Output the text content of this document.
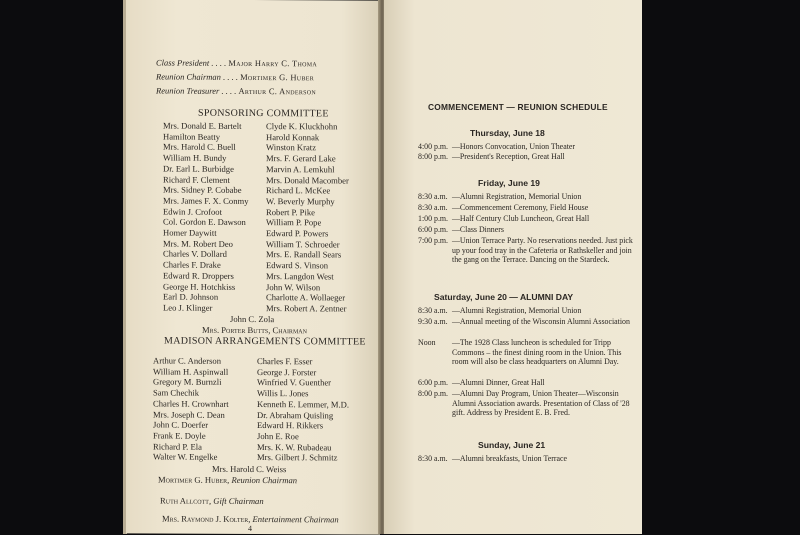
Class President . . . . Major Harry C. Thoma
Reunion Chairman . . . . Mortimer G. Huber
Reunion Treasurer . . . . Arthur C. Anderson
SPONSORING COMMITTEE
Mrs. Donald E. Bartelt
Hamilton Beatty
Mrs. Harold C. Buell
William H. Bundy
Dr. Earl L. Burbidge
Richard F. Clement
Mrs. Sidney P. Cobabe
Mrs. James F. X. Conmy
Edwin J. Crofoot
Col. Gordon E. Dawson
Homer Daywitt
Mrs. M. Robert Deo
Charles V. Dollard
Charles F. Drake
Edward R. Droppers
George H. Hotchkiss
Earl D. Johnson
Leo J. Klinger
Clyde K. Kluckhohn
Harold Konnak
Winston Kratz
Mrs. F. Gerard Lake
Marvin A. Lemkuhl
Mrs. Donald Macomber
Richard L. McKee
W. Beverly Murphy
Robert P. Pike
William P. Pope
Edward P. Powers
William T. Schroeder
Mrs. E. Randall Sears
Edward S. Vinson
Mrs. Langdon West
John W. Wilson
Charlotte A. Wollaeger
Mrs. Robert A. Zentner
John C. Zola
Mrs. Porter Butts, Chairman
MADISON ARRANGEMENTS COMMITTEE
Arthur C. Anderson
William H. Aspinwall
Gregory M. Burnzli
Sam Chechik
Charles H. Crownhart
Mrs. Joseph C. Dean
John C. Doerfer
Frank E. Doyle
Richard P. Ela
Walter W. Engelke
Charles F. Esser
George J. Forster
Winfried V. Guenther
Willis L. Jones
Kenneth E. Lemmer, M.D.
Dr. Abraham Quisling
Edward H. Rikkers
John E. Roe
Mrs. K. W. Rubadeau
Mrs. Gilbert J. Schmitz
Mrs. Harold C. Weiss
Mortimer G. Huber, Reunion Chairman
Ruth Allcott, Gift Chairman
Mrs. Raymond J. Kolter, Entertainment Chairman
4
COMMENCEMENT — REUNION SCHEDULE
Thursday, June 18
4:00 p.m. —Honors Convocation, Union Theater
8:00 p.m. —President's Reception, Great Hall
Friday, June 19
8:30 a.m. —Alumni Registration, Memorial Union
8:30 a.m. —Commencement Ceremony, Field House
1:00 p.m. —Half Century Club Luncheon, Great Hall
6:00 p.m. —Class Dinners
7:00 p.m. —Union Terrace Party. No reservations needed. Just pick up your food tray in the Cafeteria or Rathskeller and join the gang on the Terrace. Dancing on the Stardeck.
Saturday, June 20 — ALUMNI DAY
8:30 a.m. —Alumni Registration, Memorial Union
9:30 a.m. —Annual meeting of the Wisconsin Alumni Association
Noon —The 1928 Class luncheon is scheduled for Tripp Commons – the finest dining room in the Union. This room will also be class headquarters on Alumni Day.
6:00 p.m. —Alumni Dinner, Great Hall
8:00 p.m. —Alumni Day Program, Union Theater—Wisconsin Alumni Association awards. Presentation of Class of '28 gift. Address by President E. B. Fred.
Sunday, June 21
8:30 a.m. —Alumni breakfasts, Union Terrace
